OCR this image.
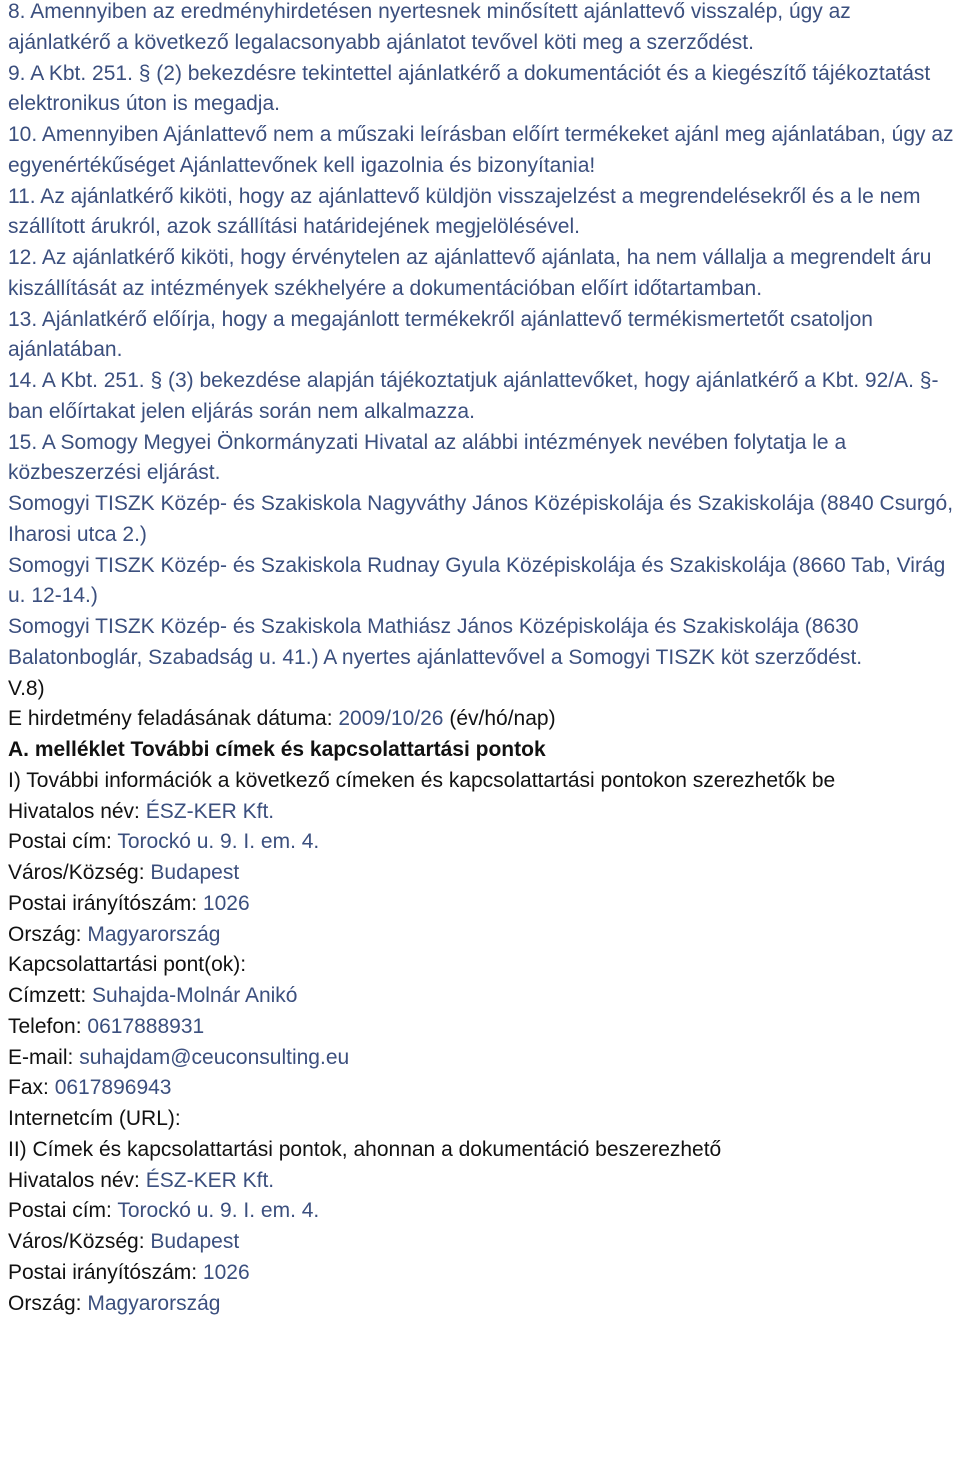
8. Amennyiben az eredményhirdetésen nyertesnek minősített ajánlattevő visszalép, úgy az ajánlatkérő a következő legalacsonyabb ajánlatot tevővel köti meg a szerződést.

9. A Kbt. 251. § (2) bekezdésre tekintettel ajánlatkérő a dokumentációt és a kiegészítő tájékoztatást elektronikus úton is megadja.

10. Amennyiben Ajánlattevő nem a műszaki leírásban előírt termékeket ajánl meg ajánlatában, úgy az egyenértékűséget Ajánlattevőnek kell igazolnia és bizonyítania!

11. Az ajánlatkérő kiköti, hogy az ajánlattevő küldjön visszajelzést a megrendelésekről és a le nem szállított árukról, azok szállítási határidejének megjelölésével.

12. Az ajánlatkérő kiköti, hogy érvénytelen az ajánlattevő ajánlata, ha nem vállalja a megrendelt áru kiszállítását az intézmények székhelyére a dokumentációban előírt időtartamban.

13. Ajánlatkérő előírja, hogy a megajánlott termékekről ajánlattevő termékismertetőt csatoljon ajánlatában.

14. A Kbt. 251. § (3) bekezdése alapján tájékoztatjuk ajánlattevőket, hogy ajánlatkérő a Kbt. 92/A. §-ban előírtakat jelen eljárás során nem alkalmazza.

15. A Somogy Megyei Önkormányzati Hivatal az alábbi intézmények nevében folytatja le a közbeszerzési eljárást.

Somogyi TISZK Közép- és Szakiskola Nagyváthy János Középiskolája és Szakiskolája (8840 Csurgó, Iharosi utca 2.)

Somogyi TISZK Közép- és Szakiskola Rudnay Gyula Középiskolája és Szakiskolája (8660 Tab, Virág u. 12-14.)

Somogyi TISZK Közép- és Szakiskola Mathiász János Középiskolája és Szakiskolája (8630 Balatonboglár, Szabadság u. 41.) A nyertes ajánlattevővel a Somogyi TISZK köt szerződést.

V.8)

E hirdetmény feladásának dátuma: 2009/10/26 (év/hó/nap)

A. melléklet További címek és kapcsolattartási pontok

I) További információk a következő címeken és kapcsolattartási pontokon szerezhetők be

Hivatalos név: ÉSZ-KER Kft.

Postai cím: Torockó u. 9. I. em. 4.

Város/Község: Budapest

Postai irányítószám: 1026

Ország: Magyarország

Kapcsolattartási pont(ok):

Címzett: Suhajda-Molnár Anikó

Telefon: 0617888931

E-mail: suhajdam@ceuconsulting.eu

Fax: 0617896943

Internetcím (URL):

II) Címek és kapcsolattartási pontok, ahonnan a dokumentáció beszerezhető

Hivatalos név: ÉSZ-KER Kft.

Postai cím: Torockó u. 9. I. em. 4.

Város/Község: Budapest

Postai irányítószám: 1026

Ország: Magyarország
